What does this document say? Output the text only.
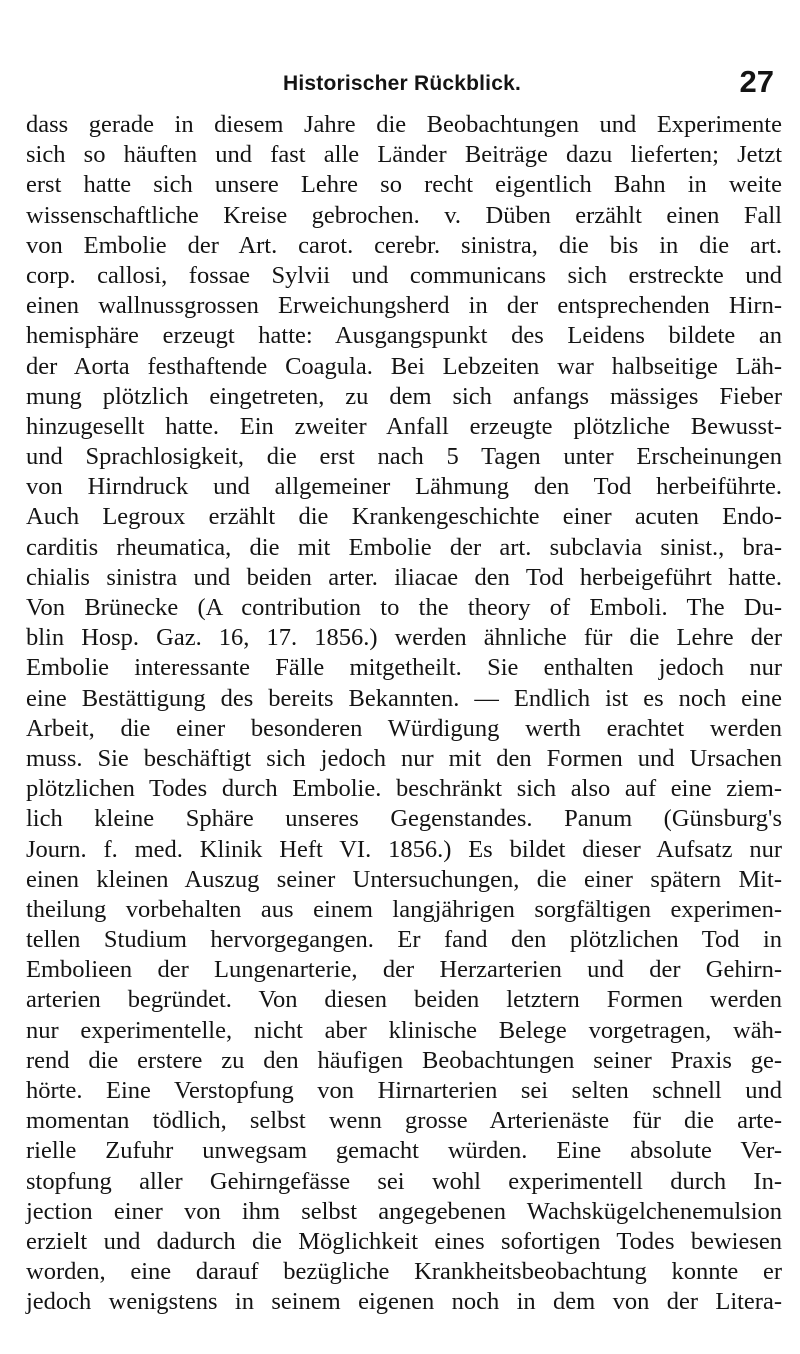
Historischer Rückblick.	27
dass gerade in diesem Jahre die Beobachtungen und Experimente
sich so häuften und fast alle Länder Beiträge dazu lieferten; Jetzt
erst hatte sich unsere Lehre so recht eigentlich Bahn in weite
wissenschaftliche Kreise gebrochen. v. Düben erzählt einen Fall
von Embolie der Art. carot. cerebr. sinistra, die bis in die art.
corp. callosi, fossae Sylvii und communicans sich erstreckte und
einen wallnussgrossen Erweichungsherd in der entsprechenden Hirn-
hemisphäre erzeugt hatte: Ausgangspunkt des Leidens bildete an
der Aorta festhaftende Coagula. Bei Lebzeiten war halbseitige Läh-
mung plötzlich eingetreten, zu dem sich anfangs mässiges Fieber
hinzugesellt hatte. Ein zweiter Anfall erzeugte plötzliche Bewusst-
und Sprachlosigkeit, die erst nach 5 Tagen unter Erscheinungen
von Hirndruck und allgemeiner Lähmung den Tod herbeiführte.
Auch Legroux erzählt die Krankengeschichte einer acuten Endo-
carditis rheumatica, die mit Embolie der art. subclavia sinist., bra-
chialis sinistra und beiden arter. iliacae den Tod herbeigeführt hatte.
Von Brünecke (A contribution to the theory of Emboli. The Du-
blin Hosp. Gaz. 16, 17. 1856.) werden ähnliche für die Lehre der
Embolie interessante Fälle mitgetheilt. Sie enthalten jedoch nur
eine Bestättigung des bereits Bekannten. — Endlich ist es noch eine
Arbeit, die einer besonderen Würdigung werth erachtet werden
muss. Sie beschäftigt sich jedoch nur mit den Formen und Ursachen
plötzlichen Todes durch Embolie. beschränkt sich also auf eine ziem-
lich kleine Sphäre unseres Gegenstandes. Panum (Günsburg's
Journ. f. med. Klinik Heft VI. 1856.) Es bildet dieser Aufsatz nur
einen kleinen Auszug seiner Untersuchungen, die einer spätern Mit-
theilung vorbehalten aus einem langjährigen sorgfältigen experimen-
tellen Studium hervorgegangen. Er fand den plötzlichen Tod in
Embolieen der Lungenarterie, der Herzarterien und der Gehirn-
arterien begründet. Von diesen beiden letztern Formen werden
nur experimentelle, nicht aber klinische Belege vorgetragen, wäh-
rend die erstere zu den häufigen Beobachtungen seiner Praxis ge-
hörte. Eine Verstopfung von Hirnarterien sei selten schnell und
momentan tödlich, selbst wenn grosse Arterienäste für die arte-
rielle Zufuhr unwegsam gemacht würden. Eine absolute Ver-
stopfung aller Gehirngefässe sei wohl experimentell durch In-
jection einer von ihm selbst angegebenen Wachskügelchenemulsion
erzielt und dadurch die Möglichkeit eines sofortigen Todes bewiesen
worden, eine darauf bezügliche Krankheitsbeobachtung konnte er
jedoch wenigstens in seinem eigenen noch in dem von der Litera-
